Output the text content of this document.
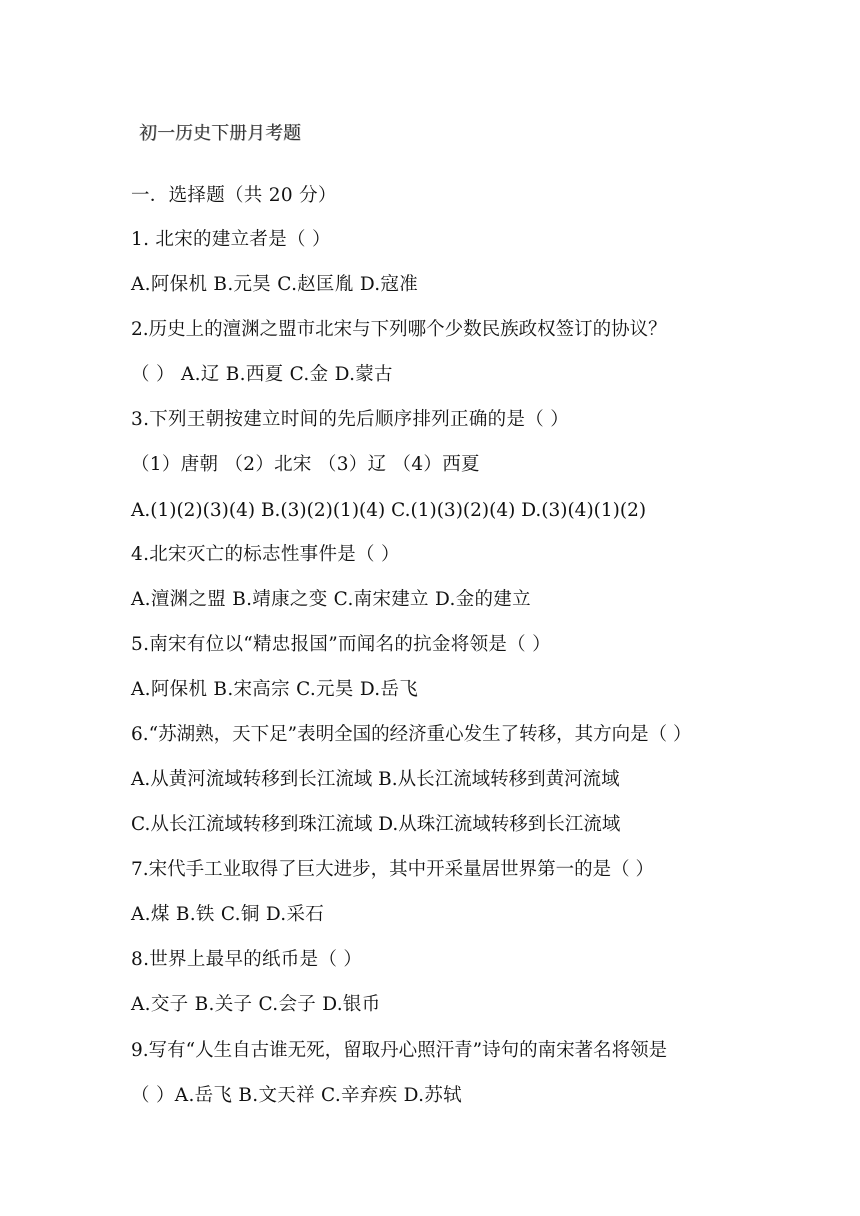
初一历史下册月考题
一．选择题（共 20 分）
1. 北宋的建立者是（ ）
A.阿保机 B.元昊 C.赵匡胤 D.寇准
2.历史上的澶渊之盟市北宋与下列哪个少数民族政权签订的协议？
（ ） A.辽 B.西夏 C.金 D.蒙古
3.下列王朝按建立时间的先后顺序排列正确的是（ ）
（1）唐朝 （2）北宋 （3）辽 （4）西夏
A.(1)(2)(3)(4) B.(3)(2)(1)(4) C.(1)(3)(2)(4) D.(3)(4)(1)(2)
4.北宋灭亡的标志性事件是（ ）
A.澶渊之盟 B.靖康之变 C.南宋建立 D.金的建立
5.南宋有位以“精忠报国”而闻名的抗金将领是（ ）
A.阿保机 B.宋高宗 C.元昊 D.岳飞
6.“苏湖熟，天下足”表明全国的经济重心发生了转移，其方向是（ ）
A.从黄河流域转移到长江流域 B.从长江流域转移到黄河流域
C.从长江流域转移到珠江流域 D.从珠江流域转移到长江流域
7.宋代手工业取得了巨大进步，其中开采量居世界第一的是（ ）
A.煤 B.铁 C.铜 D.采石
8.世界上最早的纸币是（ ）
A.交子 B.关子 C.会子 D.银币
9.写有“人生自古谁无死，留取丹心照汗青”诗句的南宋著名将领是
（ ）A.岳飞 B.文天祥 C.辛弃疾 D.苏轼
